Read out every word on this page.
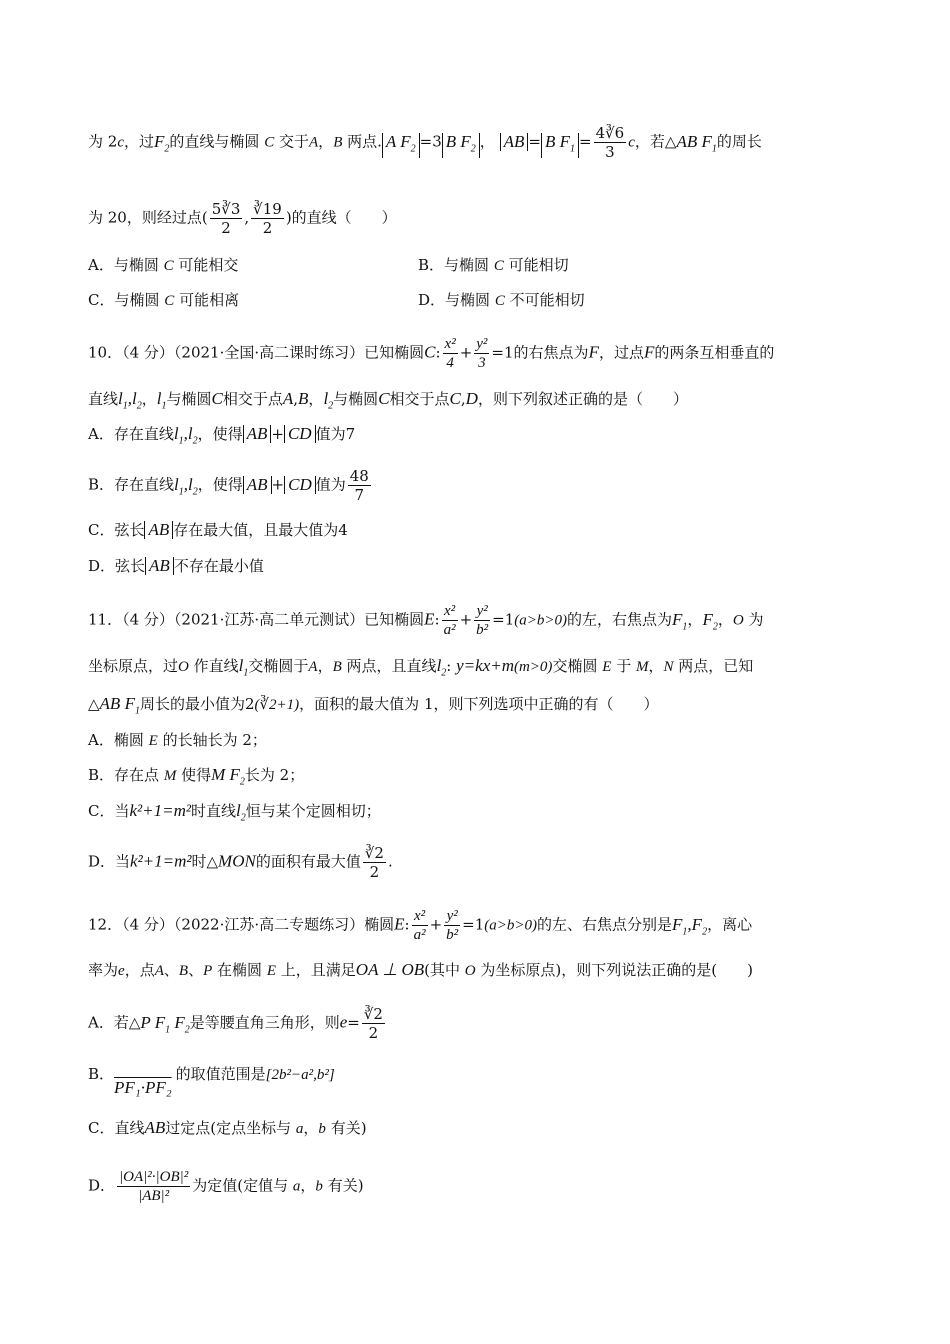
为 2c，过$F_2$的直线与椭圆 C 交于A，B 两点. A $F_2 =3$ B $F_2$ ， AB = B $F_1 = \frac{4∛6}{3}$ c，若△AB $F_1$的周长
为 20，则经过点( $\frac{5∛3}{2}$ , $\frac{∛19}{2}$ )的直线（　　）
A．与椭圆 C 可能相交	B．与椭圆 C 可能相切
C．与椭圆 C 可能相离	D．与椭圆 C 不可能相切
10．（4 分）（2021·全国·高二课时练习）已知椭圆C: $\frac{\text{x²}}{4} + \frac{\text{y²}}{3} =1$的右焦点为F，过点F的两条互相垂直的
直线$l_1,l_2$，$l_1$与椭圆C相交于点A,B，$l_2$与椭圆C相交于点C,D，则下列叙述正确的是（　　）
A．存在直线$l_1,l_2$，使得 AB + CD 值为7
B．存在直线$l_1,l_2$，使得 AB + CD 值为 $\frac{48}{7}$
C．弦长 AB 存在最大值，且最大值为4
D．弦长 AB 不存在最小值
11．（4 分）（2021·江苏·高二单元测试）已知椭圆E: $\frac{\text{x²}}{\text{a²}} + \frac{\text{y²}}{\text{b²}} =1(a>b>0)$的左，右焦点为$F_1$，$F_2$，O 为
坐标原点，过O 作直线$l_1$交椭圆于A，B 两点，且直线$l_2$: y=kx+m(m>0)交椭圆 E 于 M，N 两点，已知
△AB $F_1$周长的最小值为2(∛2+1)，面积的最大值为 1，则下列选项中正确的有（　　）
A．椭圆 E 的长轴长为 2；
B．存在点 M 使得M $F_2$长为 2；
C．当k²+1=m²时直线$l_2$恒与某个定圆相切；
D．当k²+1=m²时△MON的面积有最大值 $\frac{∛2}{2}$ .
12．（4 分）（2022·江苏·高二专题练习）椭圆E: $\frac{\text{x²}}{\text{a²}} + \frac{\text{y²}}{\text{b²}} =1(a>b>0)$的左、右焦点分别是$F_1,F_2$，离心
率为e，点A、B、P 在椭圆 E 上，且满足OA ⊥ OB(其中 O 为坐标原点)，则下列说法正确的是(　　)
A．若△P $F_1$ $F_2$是等腰直角三角形，则$e= \frac{∛2}{2}$
B．PF₁·PF₂的取值范围是[2b²−a²,b²]
C．直线AB过定点(定点坐标与 a，b 有关)
D． $\frac{\text{|OA|²·|OB|²}}{\text{|AB|²}}$ 为定值(定值与 a，b 有关)
